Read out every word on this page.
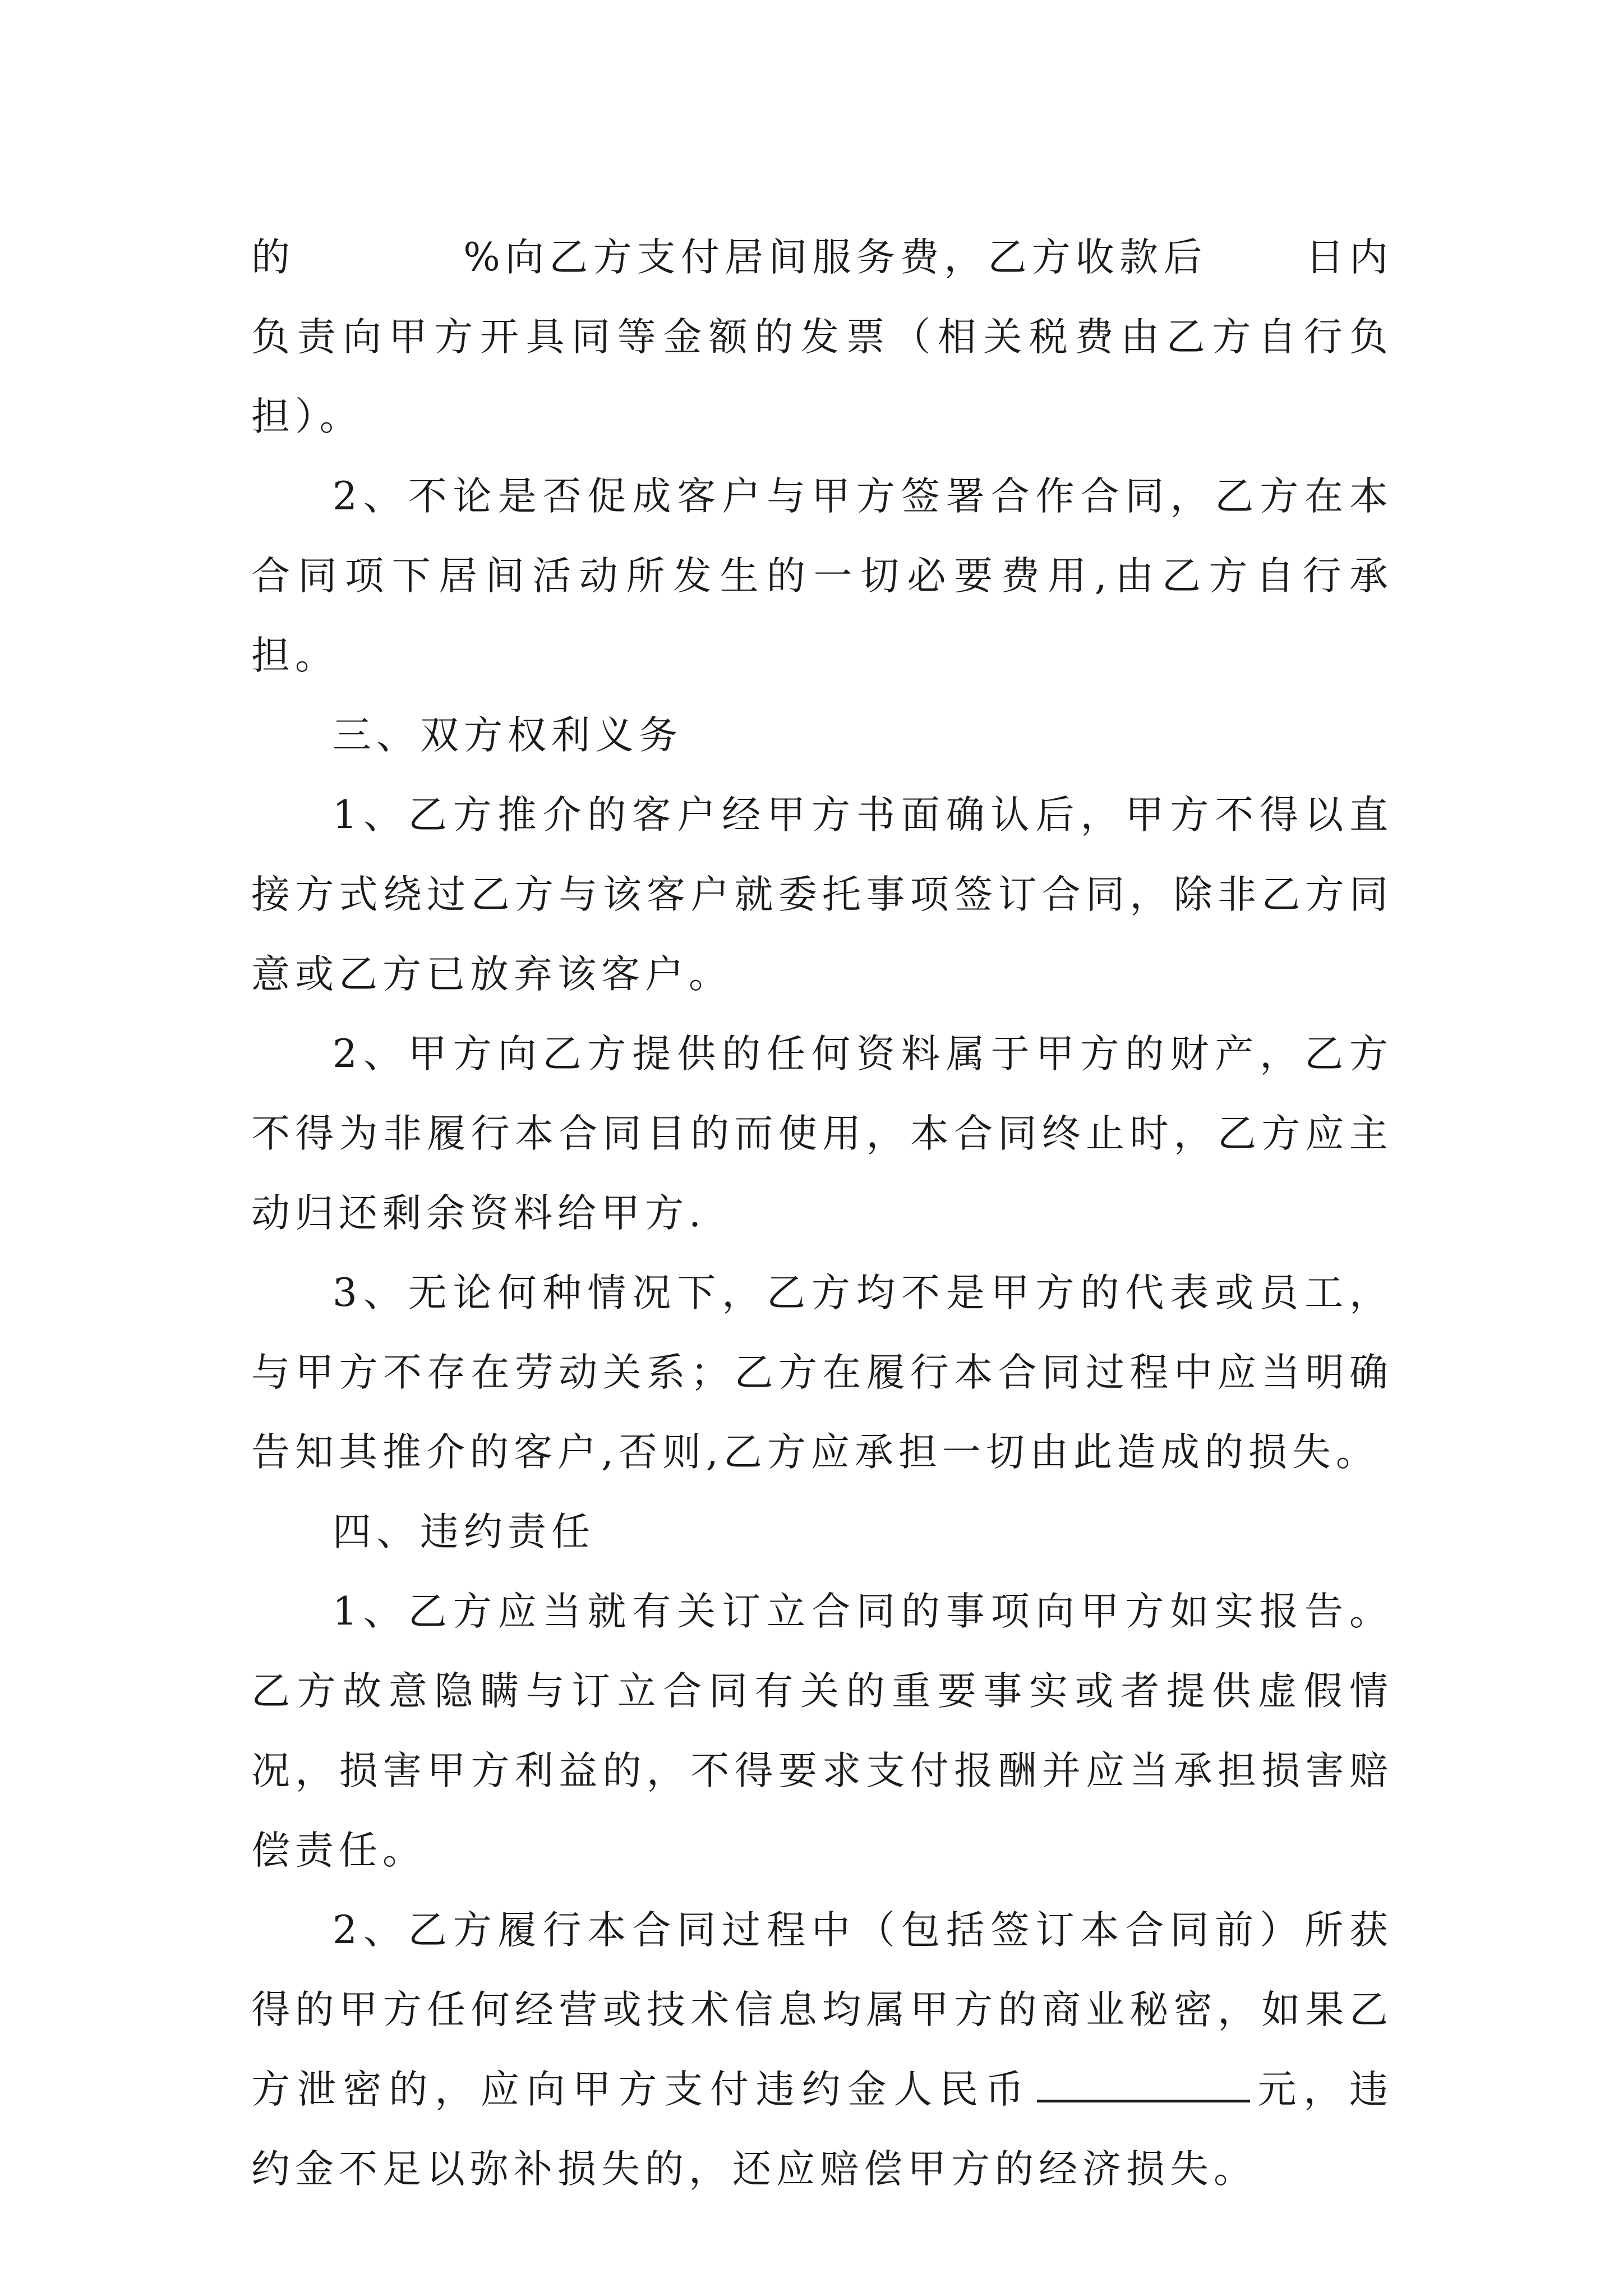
的	%向乙方支付居间服务费，乙方收款后	日内负责向甲方开具同等金额的发票（相关税费由乙方自行负担）。

2、不论是否促成客户与甲方签署合作合同，乙方在本合同项下居间活动所发生的一切必要费用,由乙方自行承担。

三、双方权利义务

1、乙方推介的客户经甲方书面确认后，甲方不得以直接方式绕过乙方与该客户就委托事项签订合同，除非乙方同意或乙方已放弃该客户。

2、甲方向乙方提供的任何资料属于甲方的财产，乙方不得为非履行本合同目的而使用，本合同终止时，乙方应主动归还剩余资料给甲方.

3、无论何种情况下，乙方均不是甲方的代表或员工，与甲方不存在劳动关系；乙方在履行本合同过程中应当明确告知其推介的客户,否则,乙方应承担一切由此造成的损失。

四、违约责任

1、乙方应当就有关订立合同的事项向甲方如实报告。乙方故意隐瞒与订立合同有关的重要事实或者提供虚假情况，损害甲方利益的，不得要求支付报酬并应当承担损害赔偿责任。

2、乙方履行本合同过程中（包括签订本合同前）所获得的甲方任何经营或技术信息均属甲方的商业秘密，如果乙方泄密的，应向甲方支付违约金人民币	元，违约金不足以弥补损失的，还应赔偿甲方的经济损失。
